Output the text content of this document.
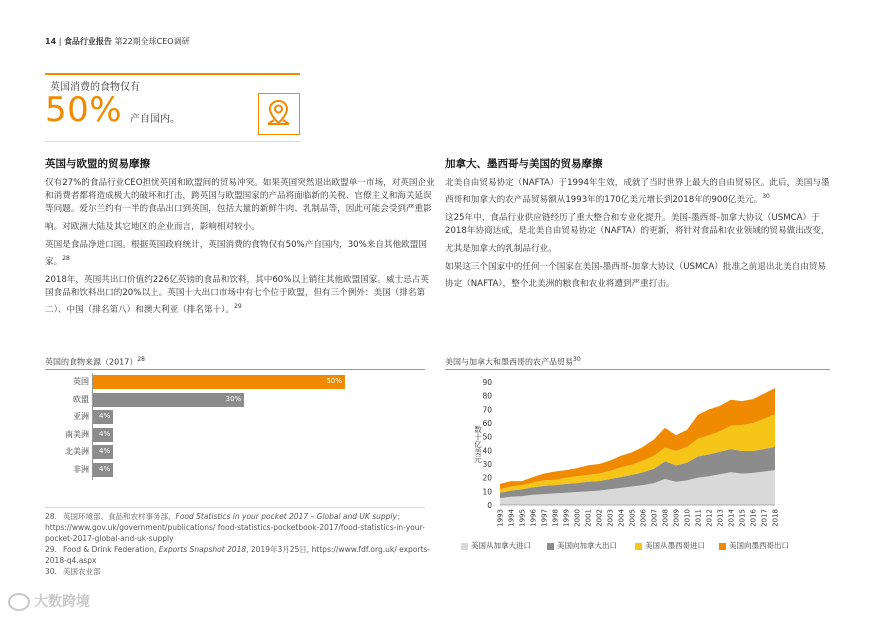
14 | 食品行业报告 第22期全球CEO调研
英国消费的食物仅有
50% 产自国内。
英国与欧盟的贸易摩擦

仅有27%的食品行业CEO担忧英国和欧盟间的贸易冲突。如果英国突然退出欧盟单一市场，对英国企业和消费者都将造成极大的破坏和打击，跨英国与欧盟国家的产品将面临新的关税、官僚主义和海关延误等问题。爱尔兰约有一半的食品出口到英国，包括大量的新鲜牛肉、乳制品等，因此可能会受到严重影响。对欧洲大陆及其它地区的企业而言，影响相对较小。

英国是食品净进口国。根据英国政府统计，英国消费的食物仅有50%产自国内，30%来自其他欧盟国家。$^{28}$

2018年，英国共出口价值约226亿英镑的食品和饮料，其中60%以上销往其他欧盟国家。威士忌占英国食品和饮料出口的20%以上。英国十大出口市场中有七个位于欧盟，但有三个例外：美国（排名第二）、中国（排名第八）和澳大利亚（排名第十）。$^{29}$

加拿大、墨西哥与美国的贸易摩擦

北美自由贸易协定（NAFTA）于1994年生效，成就了当时世界上最大的自由贸易区。此后，美国与墨西哥和加拿大的农产品贸易额从1993年的170亿美元增长到2018年的900亿美元。$^{30}$

这25年中，食品行业供应链经历了重大整合和专业化提升。美国-墨西哥-加拿大协议（USMCA）于2018年协商达成，是北美自由贸易协定（NAFTA）的更新，将针对食品和农业领域的贸易做出改变，尤其是加拿大的乳制品行业。

如果这三个国家中的任何一个国家在美国-墨西哥-加拿大协议（USMCA）批准之前退出北美自由贸易协定（NAFTA），整个北美洲的粮食和农业将遭到严重打击。

英国的食物来源$(2017)^{28}$
英国	50%
欧盟	30%
亚洲 4%
南美洲 4%
北美洲 4%
非洲 4%
美国与加拿大和墨西哥的农产品贸易$^{30}$
0
10
20
30
40
50
60
70
80
90
数十亿美元
1993 1994 1995 1996 1997 1998 1999 2000 2001 2002 2003 2004 2005 2006 2007 2008 2009 2010 2011 2012 2013 2014 2015 2016 2017 2018
美国从加拿大进口	美国向加拿大出口	美国从墨西哥进口	美国向墨西哥出口
28. 英国环境部、食品和农村事务部，Food Statistics in your pocket 2017 – Global and UK supply；https://www.gov.uk/government/publications/ food-statistics-pocketbook-2017/food-statistics-in-your-pocket-2017-global-and-uk-supply
29. Food & Drink Federation, Exports Snapshot 2018, 2019年3月25日, https://www.fdf.org.uk/ exports-2018-q4.aspx
30. 美国农业部
大数跨境
